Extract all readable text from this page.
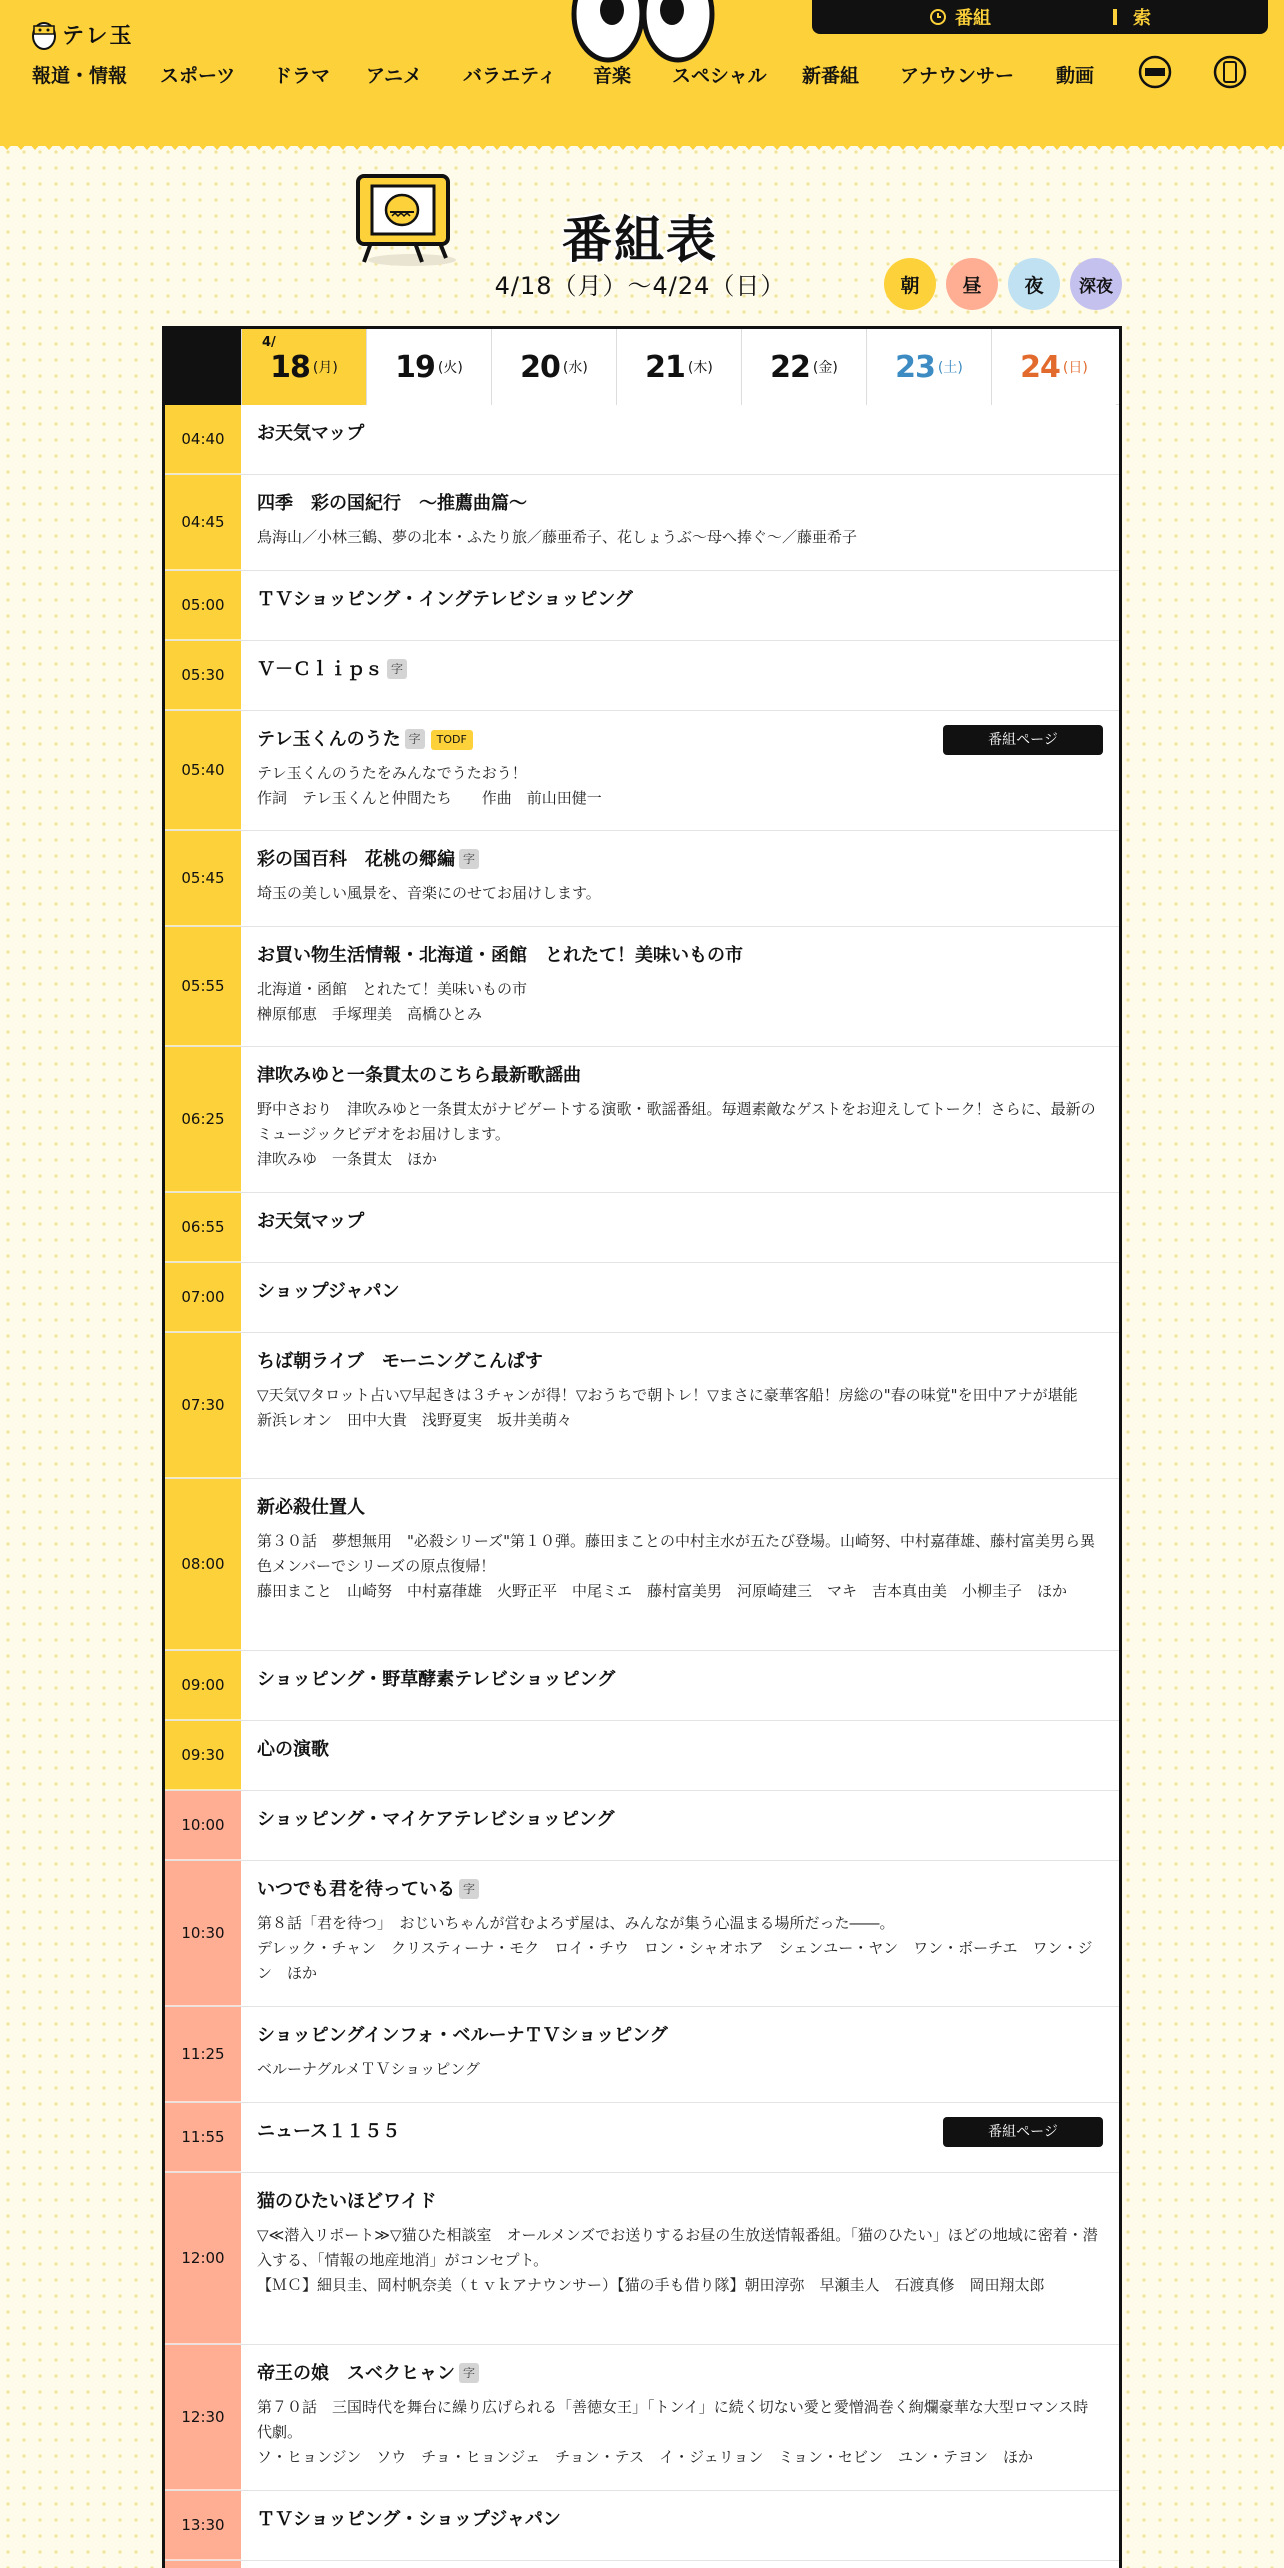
テレ玉
番組	索
報道・情報 スポーツ ドラマ アニメ バラエティ 音楽 スペシャル 新番組 アナウンサー 動画
番組表
4/18（月）〜4/24（日）	朝 昼 夜 深夜
4/
18 (月) 19 (火) 20 (水) 21 (木) 22 (金) 23 (土) 24 (日)
04:40	お天気マップ
04:45
四季　彩の国紀行　～推薦曲篇～
鳥海山／小林三鶴、夢の北本・ふたり旅／藤亜希子、花しょうぶ～母へ捧ぐ～／藤亜希子
05:00	ＴＶショッピング・イングテレビショッピング
05:30	Ｖ－Ｃｌｉｐｓ 字
05:40
テレ玉くんのうた 字 TODF
テレ玉くんのうたをみんなでうたおう！
作詞　テレ玉くんと仲間たち　　作曲　前山田健一
番組ページ
05:45
彩の国百科　花桃の郷編 字
埼玉の美しい風景を、音楽にのせてお届けします。
05:55
お買い物生活情報・北海道・函館　とれたて！美味いもの市
北海道・函館　とれたて！美味いもの市
榊原郁恵　手塚理美　高橋ひとみ
06:25
津吹みゆと一条貫太のこちら最新歌謡曲
野中さおり　津吹みゆと一条貫太がナビゲートする演歌・歌謡番組。毎週素敵なゲストをお迎えしてトーク！さらに、最新のミュージックビデオをお届けします。
津吹みゆ　一条貫太　ほか
06:55	お天気マップ
07:00	ショップジャパン
07:30
ちば朝ライブ　モーニングこんぱす
▽天気▽タロット占い▽早起きは３チャンが得！▽おうちで朝トレ！▽まさに豪華客船！房総の"春の味覚"を田中アナが堪能
新浜レオン　田中大貴　浅野夏実　坂井美萌々
08:00
新必殺仕置人
第３０話　夢想無用　"必殺シリーズ"第１０弾。藤田まことの中村主水が五たび登場。山崎努、中村嘉葎雄、藤村富美男ら異色メンバーでシリーズの原点復帰！
藤田まこと　山崎努　中村嘉葎雄　火野正平　中尾ミエ　藤村富美男　河原崎建三　マキ　吉本真由美　小柳圭子　ほか
09:00	ショッピング・野草酵素テレビショッピング
09:30	心の演歌
10:00	ショッピング・マイケアテレビショッピング
10:30
いつでも君を待っている 字
第８話「君を待つ」　おじいちゃんが営むよろず屋は、みんなが集う心温まる場所だった――。
デレック・チャン　クリスティーナ・モク　ロイ・チウ　ロン・シャオホア　シェンユー・ヤン　ワン・ボーチエ　ワン・ジン　ほか
11:25
ショッピングインフォ・ベルーナＴＶショッピング
ベルーナグルメＴＶショッピング
11:55	ニュース１１５５	番組ページ
12:00
猫のひたいほどワイド
▽≪潜入リポート≫▽猫ひた相談室　オールメンズでお送りするお昼の生放送情報番組。「猫のひたい」ほどの地域に密着・潜入する、「情報の地産地消」がコンセプト。
【ＭＣ】細貝圭、岡村帆奈美（ｔｖｋアナウンサー）【猫の手も借り隊】朝田淳弥　早瀬圭人　石渡真修　岡田翔太郎
12:30
帝王の娘　スベクヒャン 字
第７０話　三国時代を舞台に繰り広げられる「善徳女王」「トンイ」に続く切ない愛と愛憎渦巻く絢爛豪華な大型ロマンス時代劇。
ソ・ヒョンジン　ソウ　チョ・ヒョンジェ　チョン・テス　イ・ジェリョン　ミョン・セビン　ユン・テヨン　ほか
13:30	ＴＶショッピング・ショップジャパン
